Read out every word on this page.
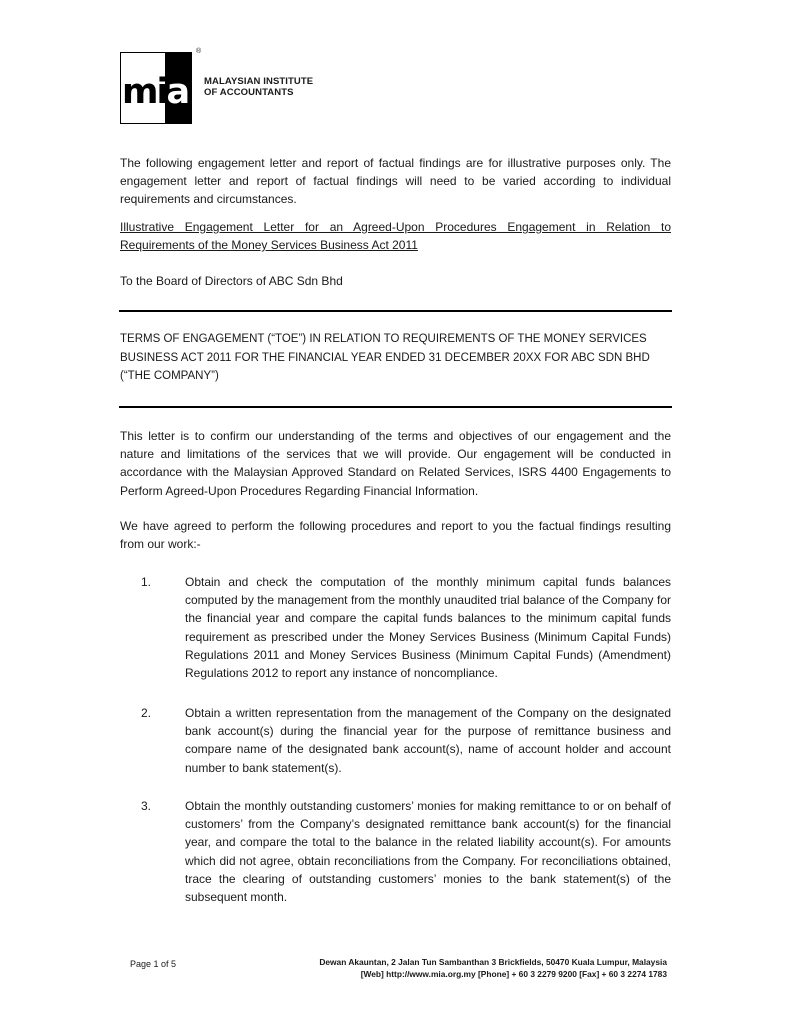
mia
®
MALAYSIAN INSTITUTE
OF ACCOUNTANTS

The following engagement letter and report of factual findings are for illustrative purposes only. The engagement letter and report of factual findings will need to be varied according to individual requirements and circumstances.

Illustrative Engagement Letter for an Agreed-Upon Procedures Engagement in Relation to Requirements of the Money Services Business Act 2011

To the Board of Directors of ABC Sdn Bhd

TERMS OF ENGAGEMENT (“TOE”) IN RELATION TO REQUIREMENTS OF THE MONEY SERVICES BUSINESS ACT 2011 FOR THE FINANCIAL YEAR ENDED 31 DECEMBER 20XX FOR ABC SDN BHD (“THE COMPANY”)

This letter is to confirm our understanding of the terms and objectives of our engagement and the nature and limitations of the services that we will provide. Our engagement will be conducted in accordance with the Malaysian Approved Standard on Related Services, ISRS 4400 Engagements to Perform Agreed-Upon Procedures Regarding Financial Information.

We have agreed to perform the following procedures and report to you the factual findings resulting from our work:-

1.	Obtain and check the computation of the monthly minimum capital funds balances computed by the management from the monthly unaudited trial balance of the Company for the financial year and compare the capital funds balances to the minimum capital funds requirement as prescribed under the Money Services Business (Minimum Capital Funds) Regulations 2011 and Money Services Business (Minimum Capital Funds) (Amendment) Regulations 2012 to report any instance of noncompliance.

2.	Obtain a written representation from the management of the Company on the designated bank account(s) during the financial year for the purpose of remittance business and compare name of the designated bank account(s), name of account holder and account number to bank statement(s).

3.	Obtain the monthly outstanding customers’ monies for making remittance to or on behalf of customers’ from the Company’s designated remittance bank account(s) for the financial year, and compare the total to the balance in the related liability account(s). For amounts which did not agree, obtain reconciliations from the Company. For reconciliations obtained, trace the clearing of outstanding customers’ monies to the bank statement(s) of the subsequent month.

Page 1 of 5	Dewan Akauntan, 2 Jalan Tun Sambanthan 3 Brickfields, 50470 Kuala Lumpur, Malaysia
[Web] http://www.mia.org.my [Phone] + 60 3 2279 9200 [Fax] + 60 3 2274 1783
